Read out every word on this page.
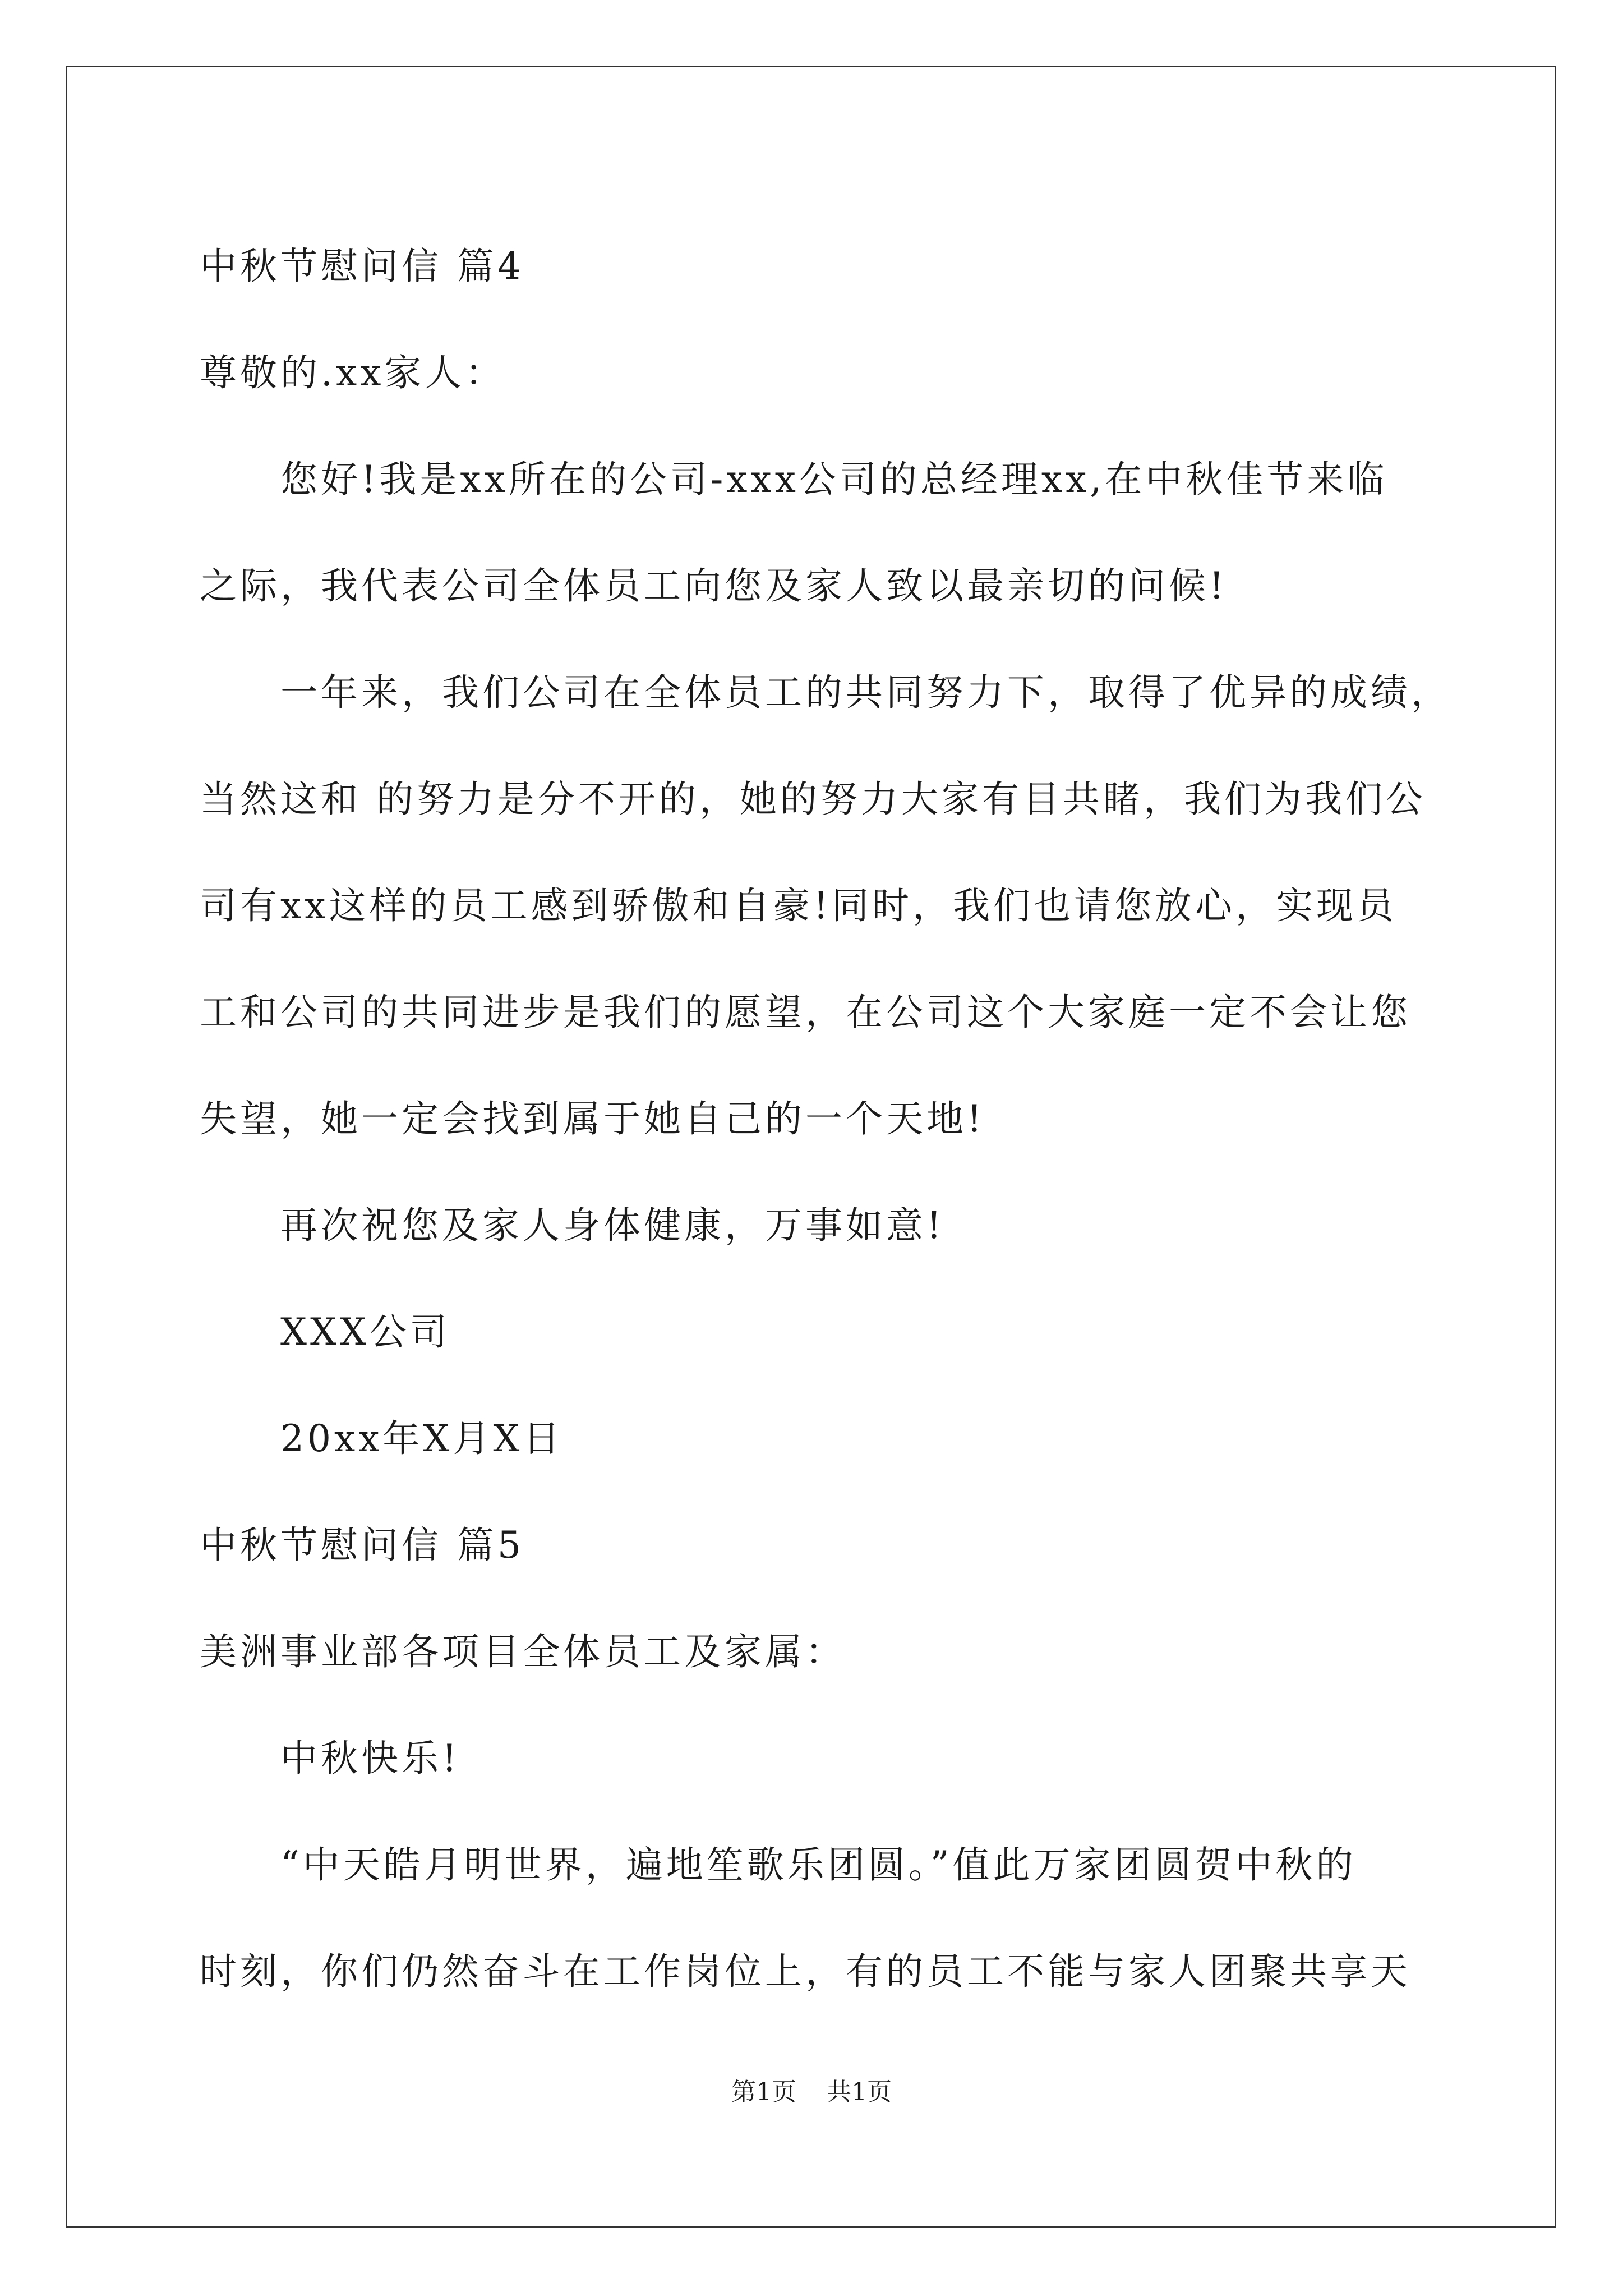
中秋节慰问信 篇4
尊敬的.xx家人：
您好!我是xx所在的公司-xxx公司的总经理xx,在中秋佳节来临
之际，我代表公司全体员工向您及家人致以最亲切的问候!
一年来，我们公司在全体员工的共同努力下，取得了优异的成绩，
当然这和 的努力是分不开的，她的努力大家有目共睹，我们为我们公
司有xx这样的员工感到骄傲和自豪!同时，我们也请您放心，实现员
工和公司的共同进步是我们的愿望，在公司这个大家庭一定不会让您
失望，她一定会找到属于她自己的一个天地!
再次祝您及家人身体健康，万事如意!
XXX公司
20xx年X月X日
中秋节慰问信 篇5
美洲事业部各项目全体员工及家属：
中秋快乐!
“中天皓月明世界，遍地笙歌乐团圆。”值此万家团圆贺中秋的
时刻，你们仍然奋斗在工作岗位上，有的员工不能与家人团聚共享天
第1页 共1页
